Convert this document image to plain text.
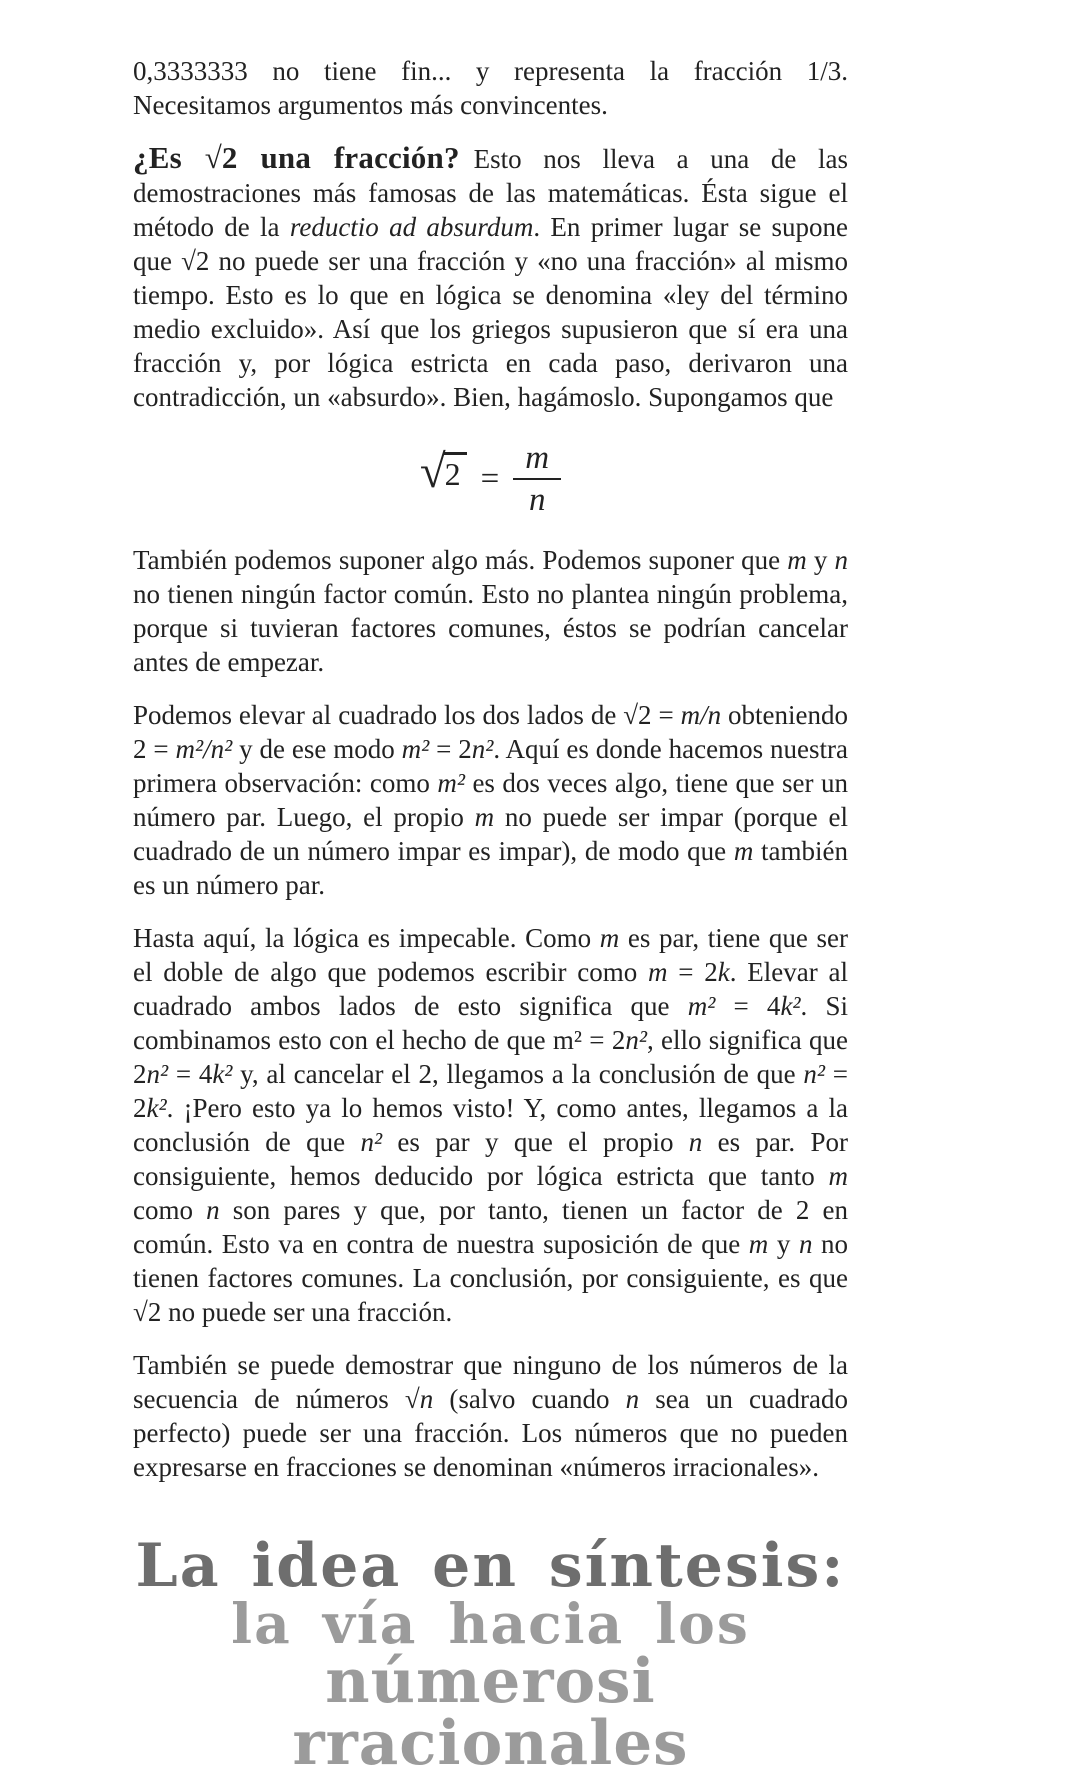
0,3333333 no tiene fin... y representa la fracción 1/3. Necesitamos argumentos más convincentes.

¿Es √2 una fracción? Esto nos lleva a una de las demostraciones más famosas de las matemáticas. Ésta sigue el método de la reductio ad absurdum. En primer lugar se supone que √2 no puede ser una fracción y «no una fracción» al mismo tiempo. Esto es lo que en lógica se denomina «ley del término medio excluido». Así que los griegos supusieron que sí era una fracción y, por lógica estricta en cada paso, derivaron una contradicción, un «absurdo». Bien, hagámoslo. Supongamos que

√ $2 = \frac{m}{n}$

También podemos suponer algo más. Podemos suponer que m y n no tienen ningún factor común. Esto no plantea ningún problema, porque si tuvieran factores comunes, éstos se podrían cancelar antes de empezar.

Podemos elevar al cuadrado los dos lados de √2 = m/n obteniendo 2 = m²/n² y de ese modo m² = 2n². Aquí es donde hacemos nuestra primera observación: como m² es dos veces algo, tiene que ser un número par. Luego, el propio m no puede ser impar (porque el cuadrado de un número impar es impar), de modo que m también es un número par.

Hasta aquí, la lógica es impecable. Como m es par, tiene que ser el doble de algo que podemos escribir como m = 2k. Elevar al cuadrado ambos lados de esto significa que m² = 4k². Si combinamos esto con el hecho de que m² = 2n², ello significa que 2n² = 4k² y, al cancelar el 2, llegamos a la conclusión de que n² = 2k². ¡Pero esto ya lo hemos visto! Y, como antes, llegamos a la conclusión de que n² es par y que el propio n es par. Por consiguiente, hemos deducido por lógica estricta que tanto m como n son pares y que, por tanto, tienen un factor de 2 en común. Esto va en contra de nuestra suposición de que m y n no tienen factores comunes. La conclusión, por consiguiente, es que √2 no puede ser una fracción.

También se puede demostrar que ninguno de los números de la secuencia de números √n (salvo cuando n sea un cuadrado perfecto) puede ser una fracción. Los números que no pueden expresarse en fracciones se denominan «números irracionales».

La idea en síntesis:
la vía hacia los
númerosi rracionales
